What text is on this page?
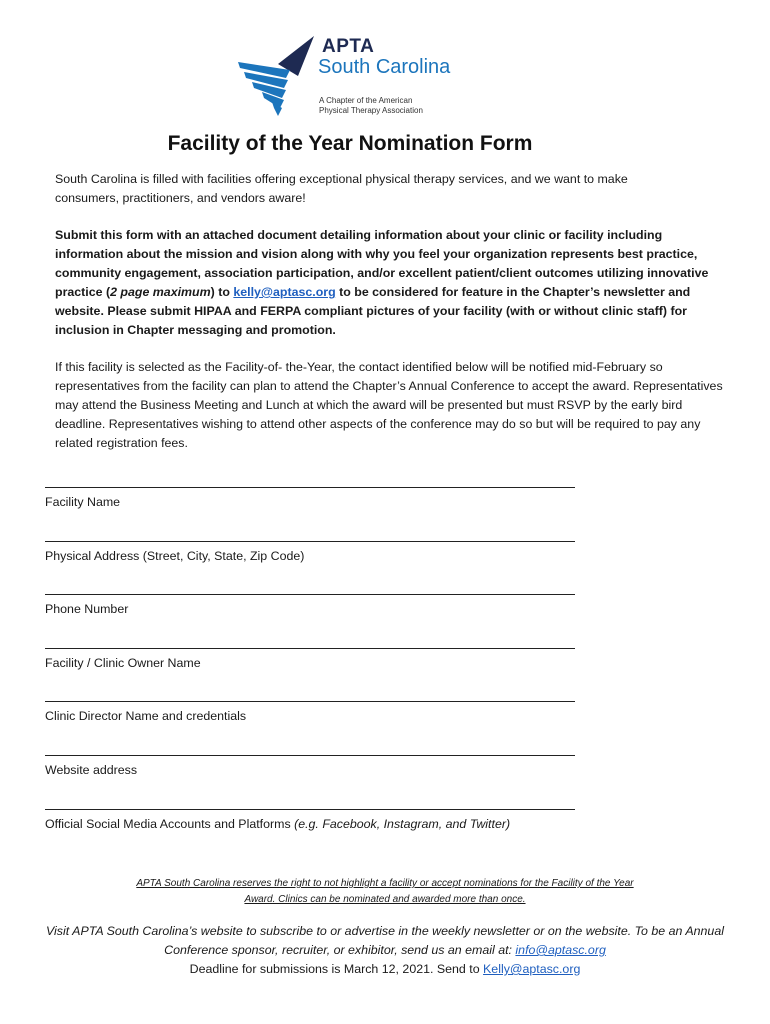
APTA
South Carolina
A Chapter of the American
Physical Therapy Association
Facility of the Year Nomination Form

South Carolina is filled with facilities offering exceptional physical therapy services, and we want to make consumers, practitioners, and vendors aware!

Submit this form with an attached document detailing information about your clinic or facility including information about the mission and vision along with why you feel your organization represents best practice, community engagement, association participation, and/or excellent patient/client outcomes utilizing innovative practice (2 page maximum) to kelly@aptasc.org to be considered for feature in the Chapter’s newsletter and website. Please submit HIPAA and FERPA compliant pictures of your facility (with or without clinic staff) for inclusion in Chapter messaging and promotion.

If this facility is selected as the Facility-of- the-Year, the contact identified below will be notified mid-February so representatives from the facility can plan to attend the Chapter’s Annual Conference to accept the award. Representatives may attend the Business Meeting and Lunch at which the award will be presented but must RSVP by the early bird deadline. Representatives wishing to attend other aspects of the conference may do so but will be required to pay any related registration fees.

Facility Name
Physical Address (Street, City, State, Zip Code)
Phone Number
Facility / Clinic Owner Name
Clinic Director Name and credentials
Website address
Official Social Media Accounts and Platforms (e.g. Facebook, Instagram, and Twitter)
APTA South Carolina reserves the right to not highlight a facility or accept nominations for the Facility of the Year Award. Clinics can be nominated and awarded more than once.
Visit APTA South Carolina’s website to subscribe to or advertise in the weekly newsletter or on the website. To be an Annual Conference sponsor, recruiter, or exhibitor, send us an email at: info@aptasc.org
Deadline for submissions is March 12, 2021. Send to Kelly@aptasc.org
